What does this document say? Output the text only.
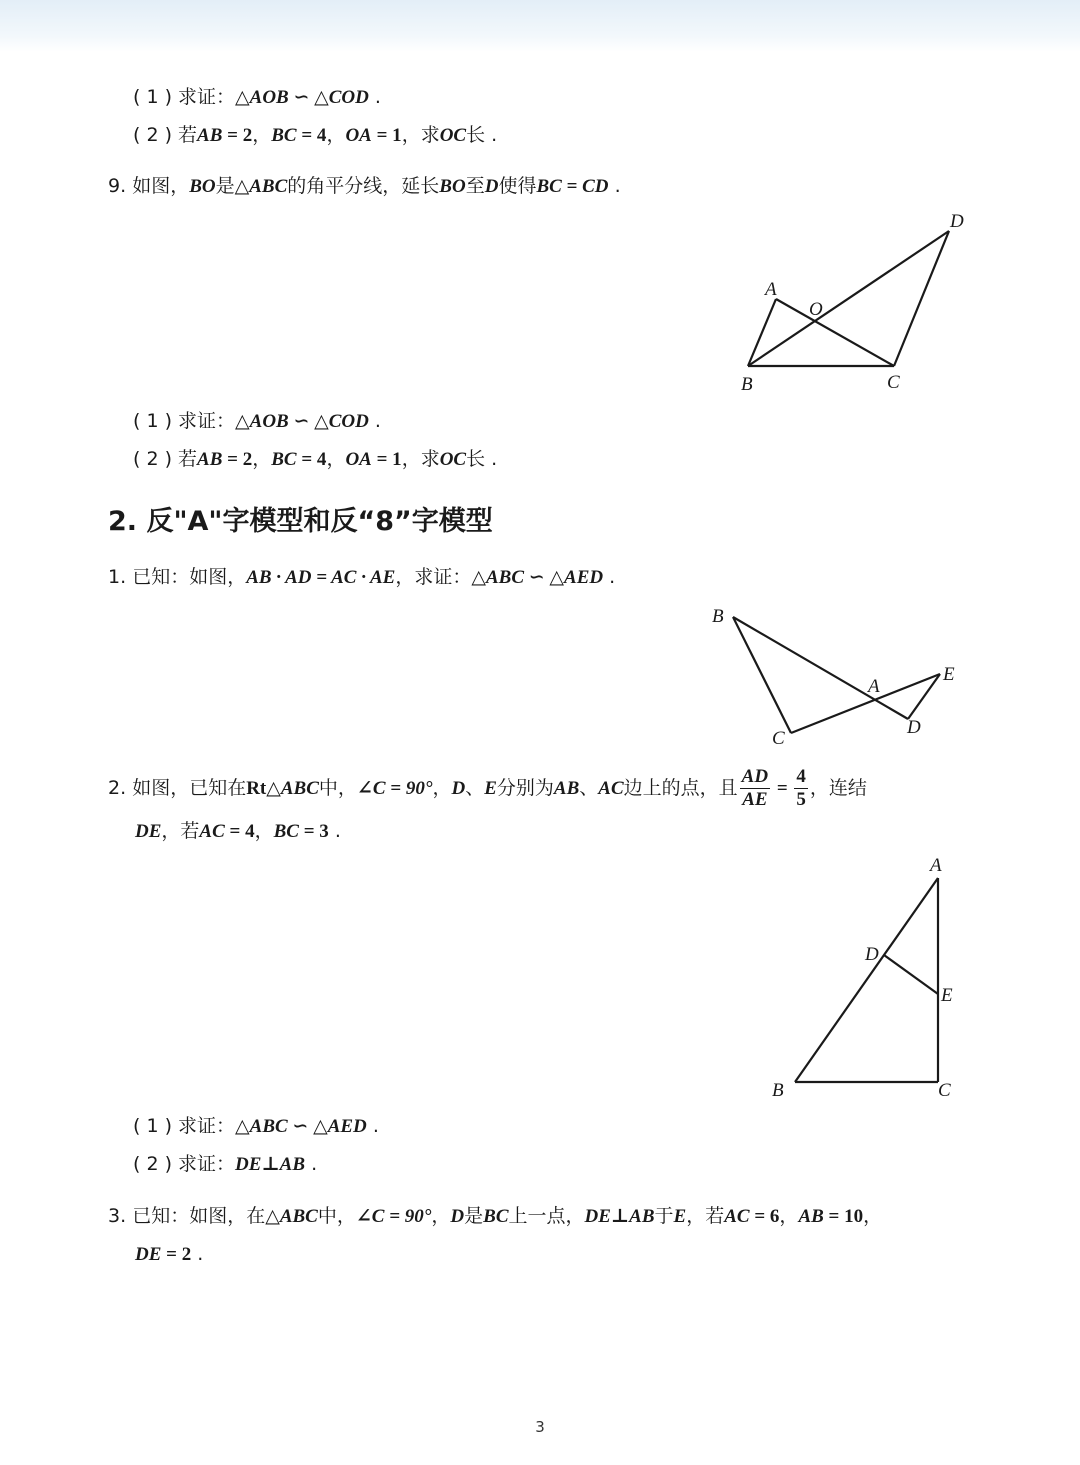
( 1 ) 求证：△AOB ∽ △COD .
( 2 ) 若AB = 2，BC = 4，OA = 1，求OC长 .
9. 如图，BO是△ABC的角平分线，延长BO至D使得BC = CD .
D
A
O
B	C
( 1 ) 求证：△AOB ∽ △COD .
( 2 ) 若AB = 2，BC = 4，OA = 1，求OC长 .
2. 反"A"字模型和反“8”字模型
1. 已知：如图，AB · AD = AC · AE，求证：△ABC ∽ △AED .
B
A
E
D
C
2. 如图，已知在Rt△ABC中，∠C = 90°，D、E分别为AB、AC边上的点，且 $\frac{AD}{AE} = \frac{4}{5}$ ，连结
DE，若AC = 4，BC = 3 .
A
D
E
B	C
( 1 ) 求证：△ABC ∽ △AED .
( 2 ) 求证：DE⊥AB .
3. 已知：如图，在△ABC中，∠C = 90°，D是BC上一点，DE⊥AB于E，若AC = 6，AB = 10，
DE = 2 .
3
